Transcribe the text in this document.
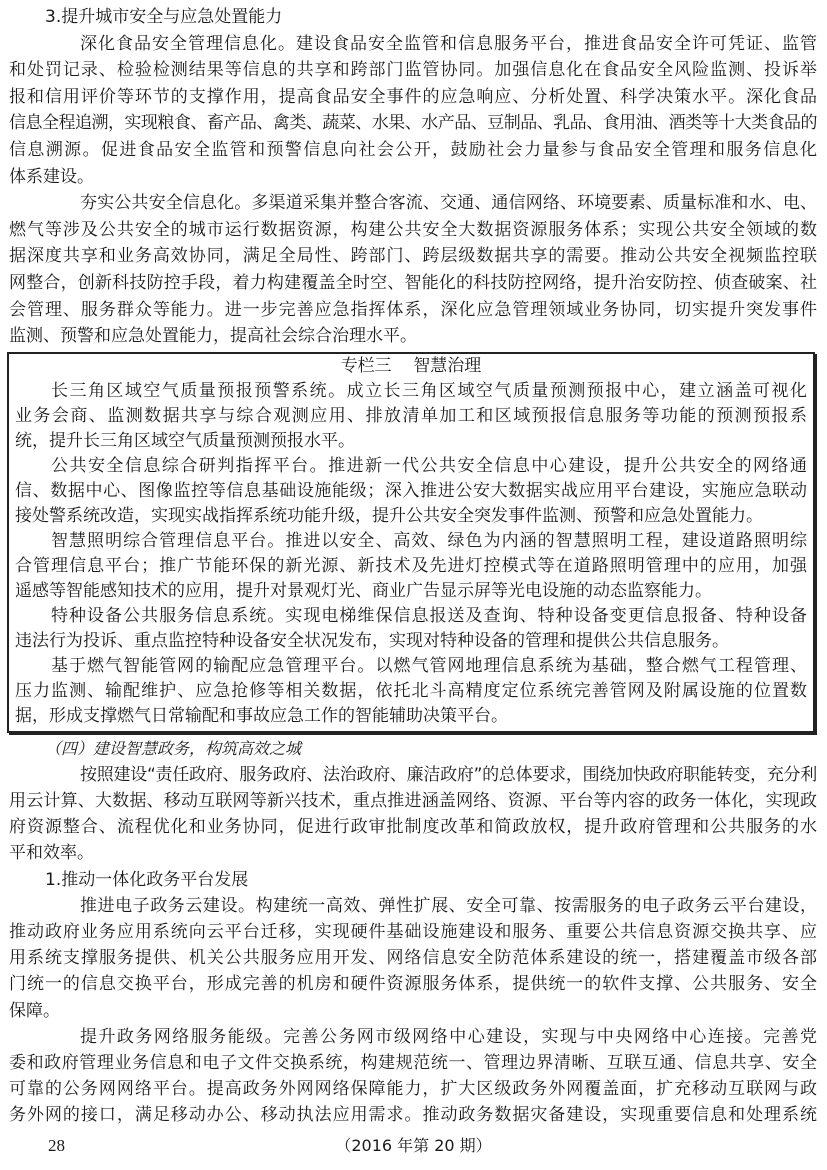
3.提升城市安全与应急处置能力
深化食品安全管理信息化。建设食品安全监管和信息服务平台，推进食品安全许可凭证、监管
和处罚记录、检验检测结果等信息的共享和跨部门监管协同。加强信息化在食品安全风险监测、投诉举
报和信用评价等环节的支撑作用，提高食品安全事件的应急响应、分析处置、科学决策水平。深化食品
信息全程追溯，实现粮食、畜产品、禽类、蔬菜、水果、水产品、豆制品、乳品、食用油、酒类等十大类食品的
信息溯源。促进食品安全监管和预警信息向社会公开，鼓励社会力量参与食品安全管理和服务信息化
体系建设。
夯实公共安全信息化。多渠道采集并整合客流、交通、通信网络、环境要素、质量标准和水、电、
燃气等涉及公共安全的城市运行数据资源，构建公共安全大数据资源服务体系；实现公共安全领域的数
据深度共享和业务高效协同，满足全局性、跨部门、跨层级数据共享的需要。推动公共安全视频监控联
网整合，创新科技防控手段，着力构建覆盖全时空、智能化的科技防控网络，提升治安防控、侦查破案、社
会管理、服务群众等能力。进一步完善应急指挥体系，深化应急管理领域业务协同，切实提升突发事件
监测、预警和应急处置能力，提高社会综合治理水平。
专栏三    智慧治理
长三角区域空气质量预报预警系统。成立长三角区域空气质量预测预报中心，建立涵盖可视化
业务会商、监测数据共享与综合观测应用、排放清单加工和区域预报信息服务等功能的预测预报系
统，提升长三角区域空气质量预测预报水平。
公共安全信息综合研判指挥平台。推进新一代公共安全信息中心建设，提升公共安全的网络通
信、数据中心、图像监控等信息基础设施能级；深入推进公安大数据实战应用平台建设，实施应急联动
接处警系统改造，实现实战指挥系统功能升级，提升公共安全突发事件监测、预警和应急处置能力。
智慧照明综合管理信息平台。推进以安全、高效、绿色为内涵的智慧照明工程，建设道路照明综
合管理信息平台；推广节能环保的新光源、新技术及先进灯控模式等在道路照明管理中的应用，加强
遥感等智能感知技术的应用，提升对景观灯光、商业广告显示屏等光电设施的动态监察能力。
特种设备公共服务信息系统。实现电梯维保信息报送及查询、特种设备变更信息报备、特种设备
违法行为投诉、重点监控特种设备安全状况发布，实现对特种设备的管理和提供公共信息服务。
基于燃气智能管网的输配应急管理平台。以燃气管网地理信息系统为基础，整合燃气工程管理、
压力监测、输配维护、应急抢修等相关数据，依托北斗高精度定位系统完善管网及附属设施的位置数
据，形成支撑燃气日常输配和事故应急工作的智能辅助决策平台。
（四）建设智慧政务，构筑高效之城
按照建设“责任政府、服务政府、法治政府、廉洁政府”的总体要求，围绕加快政府职能转变，充分利
用云计算、大数据、移动互联网等新兴技术，重点推进涵盖网络、资源、平台等内容的政务一体化，实现政
府资源整合、流程优化和业务协同，促进行政审批制度改革和简政放权，提升政府管理和公共服务的水
平和效率。
1.推动一体化政务平台发展
推进电子政务云建设。构建统一高效、弹性扩展、安全可靠、按需服务的电子政务云平台建设，
推动政府业务应用系统向云平台迁移，实现硬件基础设施建设和服务、重要公共信息资源交换共享、应
用系统支撑服务提供、机关公共服务应用开发、网络信息安全防范体系建设的统一，搭建覆盖市级各部
门统一的信息交换平台，形成完善的机房和硬件资源服务体系，提供统一的软件支撑、公共服务、安全
保障。
提升政务网络服务能级。完善公务网市级网络中心建设，实现与中央网络中心连接。完善党
委和政府管理业务信息和电子文件交换系统，构建规范统一、管理边界清晰、互联互通、信息共享、安全
可靠的公务网网络平台。提高政务外网网络保障能力，扩大区级政务外网覆盖面，扩充移动互联网与政
务外网的接口，满足移动办公、移动执法应用需求。推动政务数据灾备建设，实现重要信息和处理系统
28	（2016 年第 20 期）
